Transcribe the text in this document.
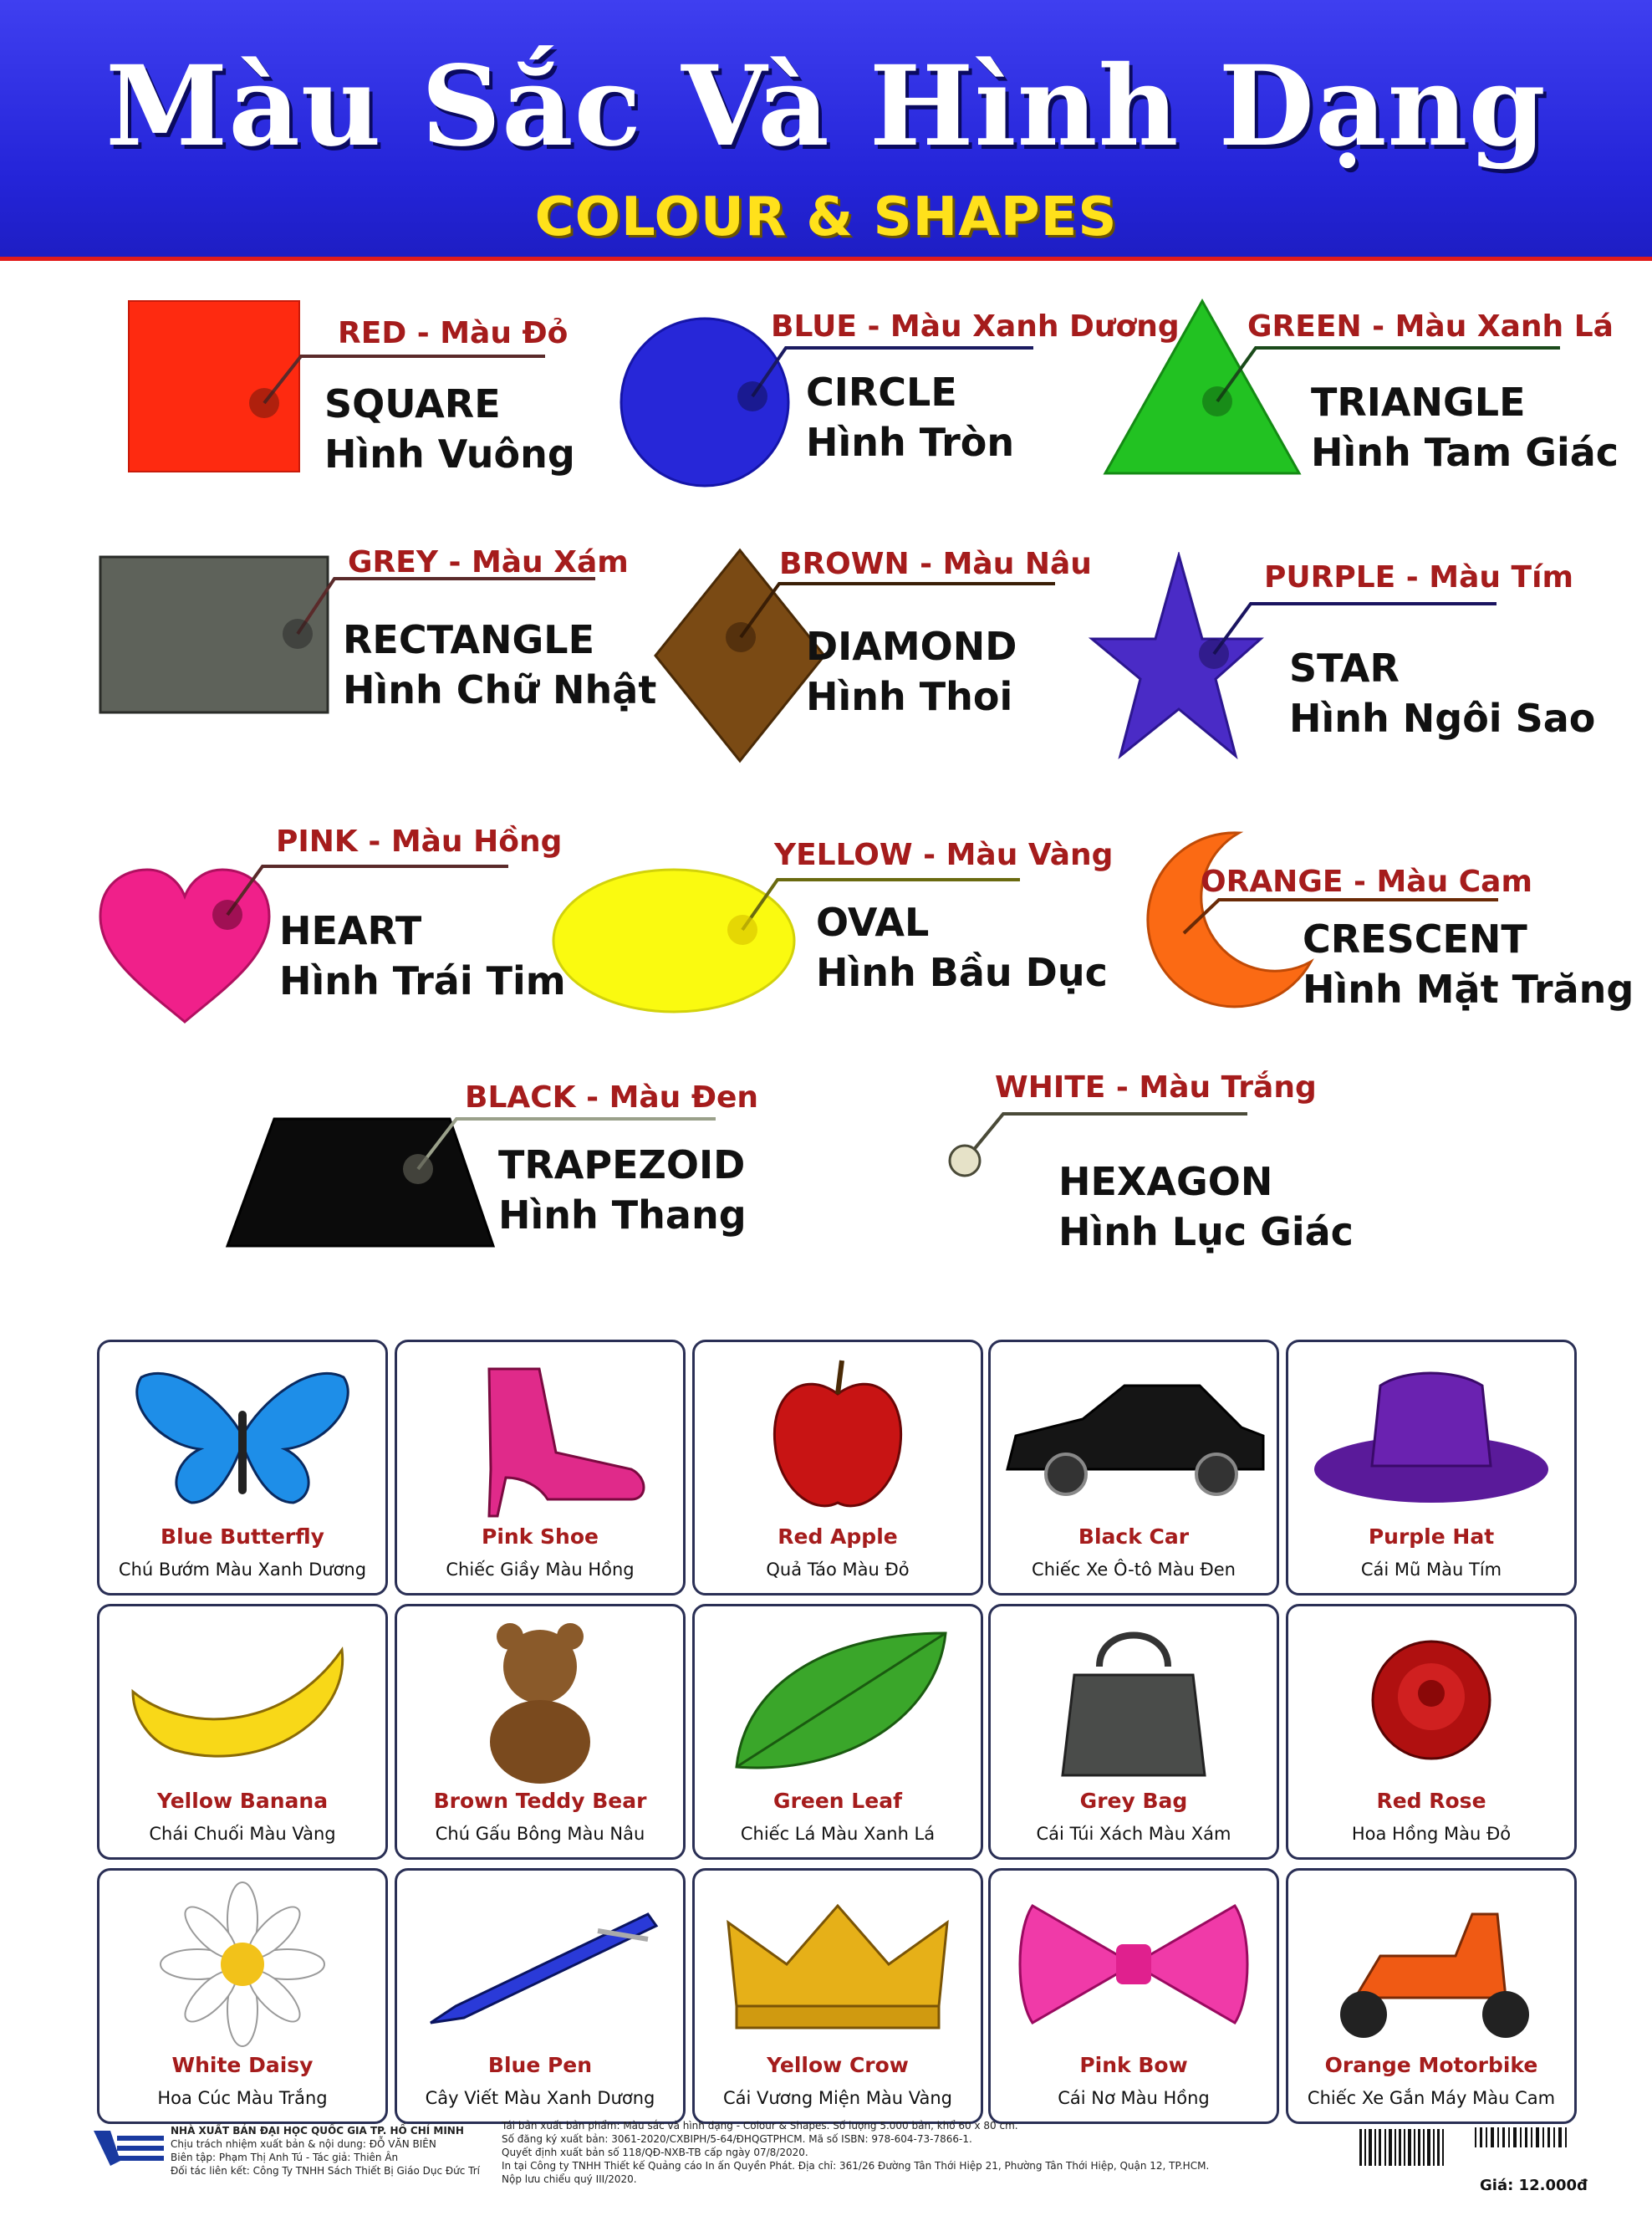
Màu Sắc Và Hình Dạng
COLOUR & SHAPES
RED - Màu Đỏ
SQUARE
Hình Vuông
BLUE - Màu Xanh Dương
CIRCLE
Hình Tròn
GREEN - Màu Xanh Lá
TRIANGLE
Hình Tam Giác
GREY - Màu Xám
RECTANGLE
Hình Chữ Nhật
BROWN - Màu Nâu
DIAMOND
Hình Thoi
PURPLE - Màu Tím
STAR
Hình Ngôi Sao
PINK - Màu Hồng
HEART
Hình Trái Tim
YELLOW - Màu Vàng
OVAL
Hình Bầu Dục
ORANGE - Màu Cam
CRESCENT
Hình Mặt Trăng
BLACK - Màu Đen
TRAPEZOID
Hình Thang
WHITE - Màu Trắng
HEXAGON
Hình Lục Giác
Blue Butterfly
Chú Bướm Màu Xanh Dương
Pink Shoe
Chiếc Giầy Màu Hồng
Red Apple
Quả Táo Màu Đỏ
Black Car
Chiếc Xe Ô-tô Màu Đen
Purple Hat
Cái Mũ Màu Tím
Yellow Banana
Chái Chuối Màu Vàng
Brown Teddy Bear
Chú Gấu Bông Màu Nâu
Green Leaf
Chiếc Lá Màu Xanh Lá
Grey Bag
Cái Túi Xách Màu Xám
Red Rose
Hoa Hồng Màu Đỏ
White Daisy
Hoa Cúc Màu Trắng
Blue Pen
Cây Viết Màu Xanh Dương
Yellow Crow
Cái Vương Miện Màu Vàng
Pink Bow
Cái Nơ Màu Hồng
Orange Motorbike
Chiếc Xe Gắn Máy Màu Cam
NHÀ XUẤT BẢN ĐẠI HỌC QUỐC GIA TP. HỒ CHÍ MINH
Chịu trách nhiệm xuất bản & nội dung: ĐỖ VĂN BIÊN
Biên tập: Phạm Thị Anh Tú - Tác giả: Thiên Ân
Đối tác liên kết: Công Ty TNHH Sách Thiết Bị Giáo Dục Đức Trí
Tái bản xuất bản phẩm: Màu sắc và hình dạng - Colour & Shapes. Số lượng 5.000 bản, khổ 60 x 80 cm.
Số đăng ký xuất bản: 3061-2020/CXBIPH/5-64/ĐHQGTPHCM. Mã số ISBN: 978-604-73-7866-1.
Quyết định xuất bản số 118/QĐ-NXB-TB cấp ngày 07/8/2020.
In tại Công ty TNHH Thiết kế Quảng cáo In ấn Quyền Phát. Địa chỉ: 361/26 Đường Tân Thới Hiệp 21, Phường Tân Thới Hiệp, Quận 12, TP.HCM.
Nộp lưu chiểu quý III/2020.	Giá: 12.000đ
